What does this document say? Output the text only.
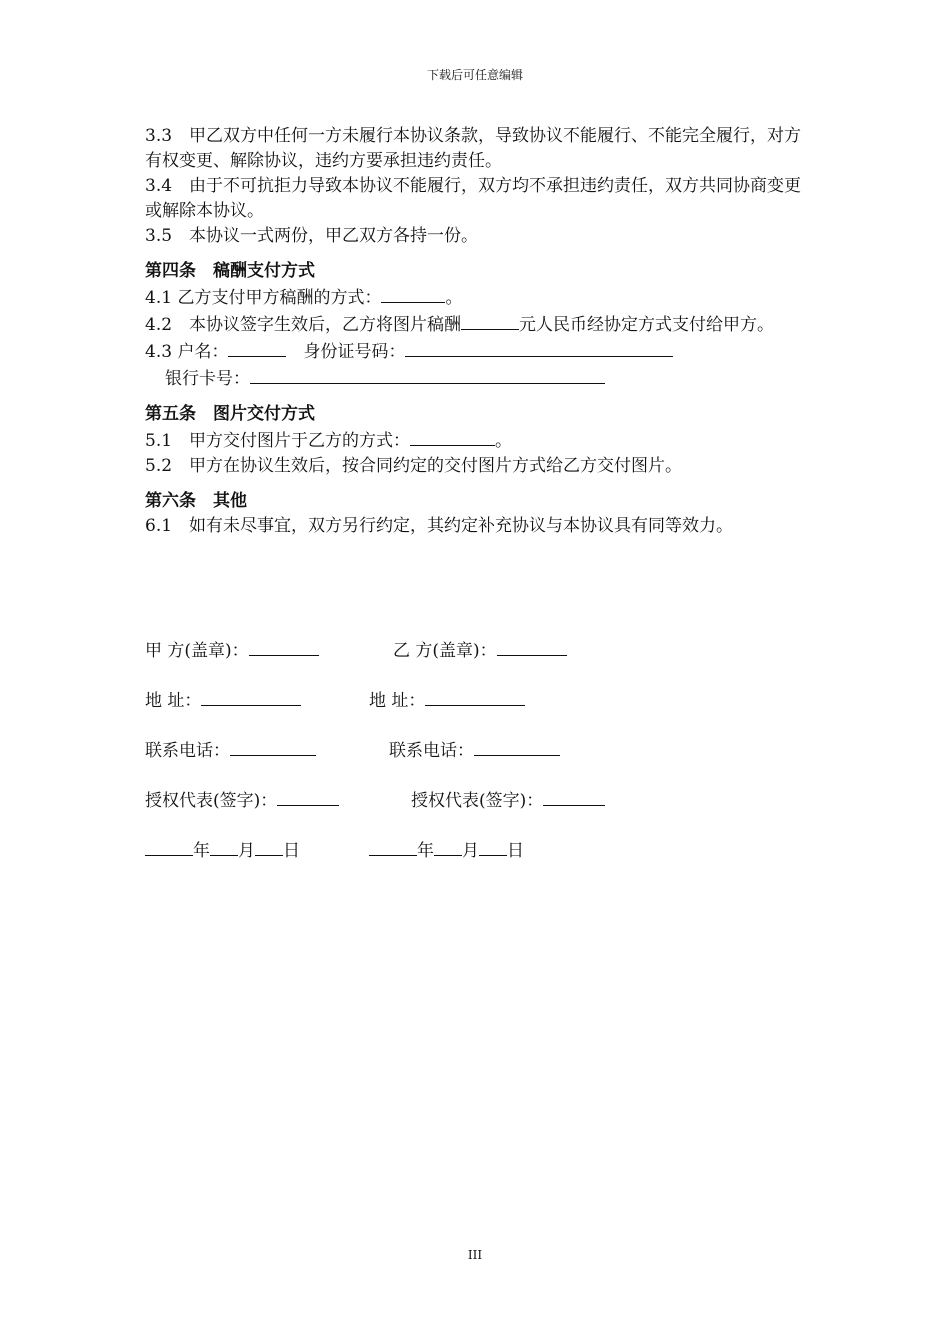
下载后可任意编辑

3.3　甲乙双方中任何一方未履行本协议条款，导致协议不能履行、不能完全履行，对方有权变更、解除协议，违约方要承担违约责任。

3.4　由于不可抗拒力导致本协议不能履行，双方均不承担违约责任，双方共同协商变更或解除本协议。

3.5　本协议一式两份，甲乙双方各持一份。

第四条　稿酬支付方式

4.1 乙方支付甲方稿酬的方式：	。

4.2　本协议签字生效后，乙方将图片稿酬	元人民币经协定方式支付给甲方。

4.3 户名：	　身份证号码：

银行卡号：

第五条　图片交付方式

5.1　甲方交付图片于乙方的方式：	。

5.2　甲方在协议生效后，按合同约定的交付图片方式给乙方交付图片。

第六条　其他

6.1　如有未尽事宜，双方另行约定，其约定补充协议与本协议具有同等效力。

甲 方(盖章)：	乙 方(盖章)：
地 址：	地 址：
联系电话：	联系电话：
授权代表(签字)：	授权代表(签字)：
年 月 日	年 月 日
III
